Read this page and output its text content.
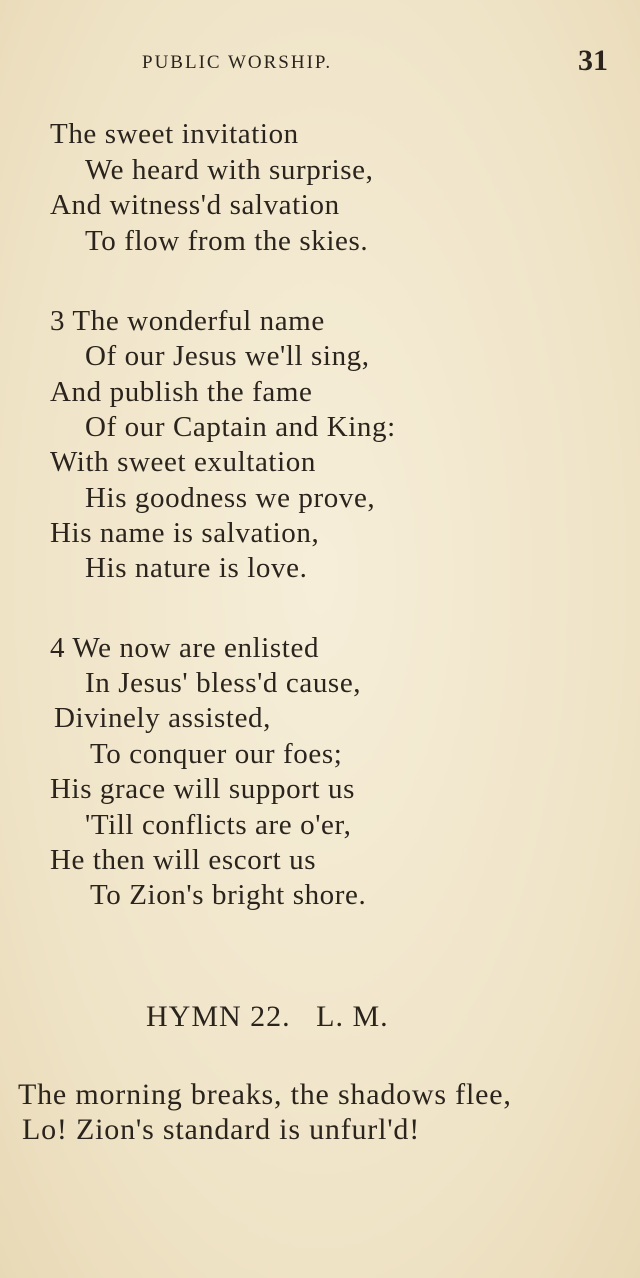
PUBLIC WORSHIP.	31
The sweet invitation
We heard with surprise,
And witness'd salvation
To flow from the skies.
3 The wonderful name
Of our Jesus we'll sing,
And publish the fame
Of our Captain and King:
With sweet exultation
His goodness we prove,
His name is salvation,
His nature is love.
4 We now are enlisted
In Jesus' bless'd cause,
Divinely assisted,
To conquer our foes;
His grace will support us
'Till conflicts are o'er,
He then will escort us
To Zion's bright shore.
HYMN 22.   L. M.
The morning breaks, the shadows flee,
Lo! Zion's standard is unfurl'd!
